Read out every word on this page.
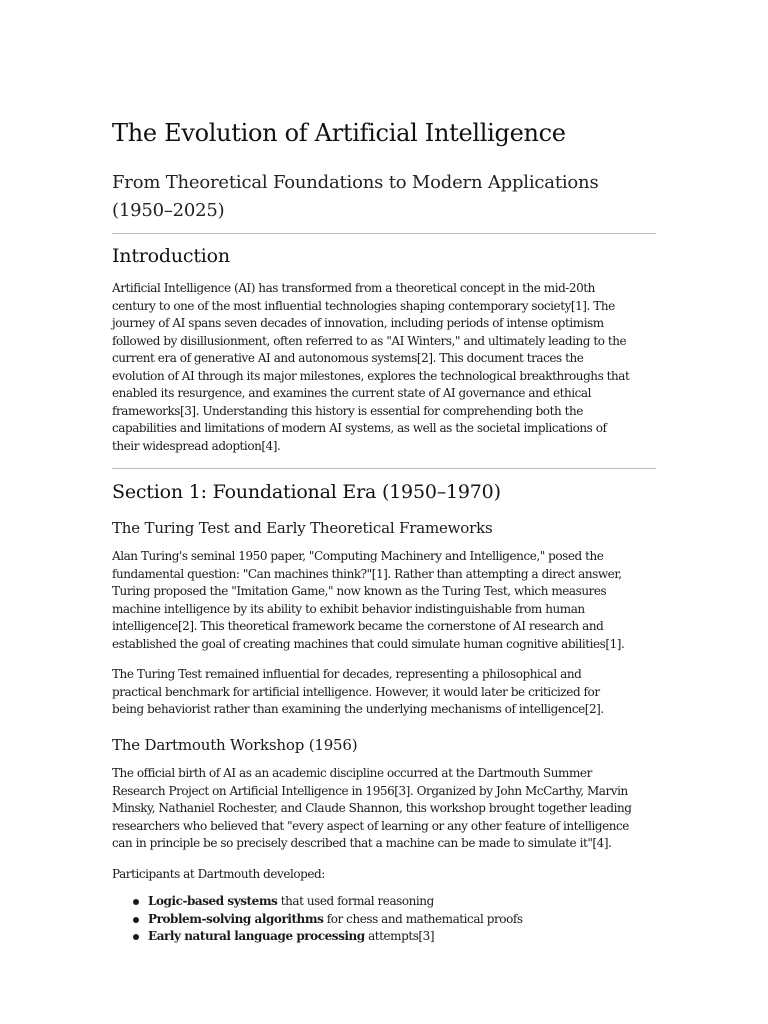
The Evolution of Artificial Intelligence

From Theoretical Foundations to Modern Applications (1950–2025)

Introduction
Artificial Intelligence (AI) has transformed from a theoretical concept in the mid-20th
century to one of the most influential technologies shaping contemporary society[1]. The
journey of AI spans seven decades of innovation, including periods of intense optimism
followed by disillusionment, often referred to as "AI Winters," and ultimately leading to the
current era of generative AI and autonomous systems[2]. This document traces the
evolution of AI through its major milestones, explores the technological breakthroughs that
enabled its resurgence, and examines the current state of AI governance and ethical
frameworks[3]. Understanding this history is essential for comprehending both the
capabilities and limitations of modern AI systems, as well as the societal implications of
their widespread adoption[4].
Section 1: Foundational Era (1950–1970)
The Turing Test and Early Theoretical Frameworks
Alan Turing's seminal 1950 paper, "Computing Machinery and Intelligence," posed the
fundamental question: "Can machines think?"[1]. Rather than attempting a direct answer,
Turing proposed the "Imitation Game," now known as the Turing Test, which measures
machine intelligence by its ability to exhibit behavior indistinguishable from human
intelligence[2]. This theoretical framework became the cornerstone of AI research and
established the goal of creating machines that could simulate human cognitive abilities[1].
The Turing Test remained influential for decades, representing a philosophical and
practical benchmark for artificial intelligence. However, it would later be criticized for
being behaviorist rather than examining the underlying mechanisms of intelligence[2].
The Dartmouth Workshop (1956)
The official birth of AI as an academic discipline occurred at the Dartmouth Summer
Research Project on Artificial Intelligence in 1956[3]. Organized by John McCarthy, Marvin
Minsky, Nathaniel Rochester, and Claude Shannon, this workshop brought together leading
researchers who believed that "every aspect of learning or any other feature of intelligence
can in principle be so precisely described that a machine can be made to simulate it"[4].
Participants at Dartmouth developed:
Logic-based systems that used formal reasoning
Problem-solving algorithms for chess and mathematical proofs
Early natural language processing attempts[3]
